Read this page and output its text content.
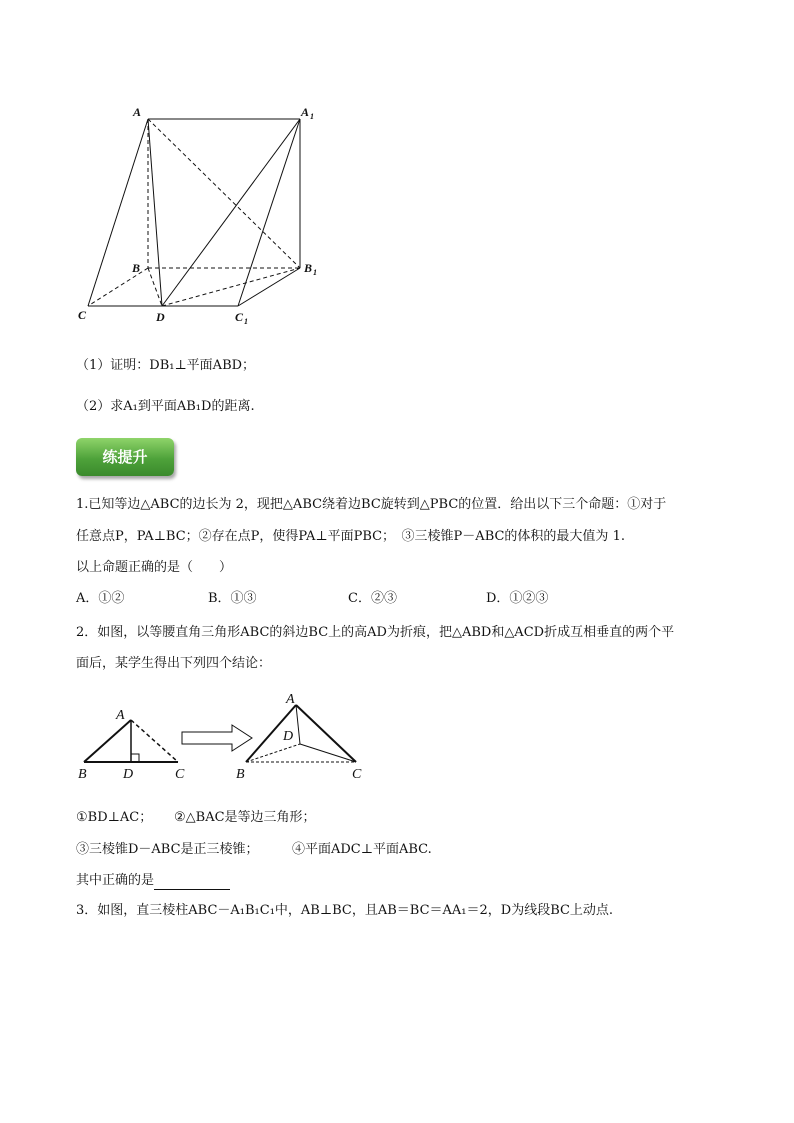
A	A 1
B	B 1
C	D	C 1
（1）证明：DB₁⊥平面ABD；
（2）求A₁到平面AB₁D的距离.
练提升
1.已知等边△ABC的边长为 2，现把△ABC绕着边BC旋转到△PBC的位置．给出以下三个命题：①对于
任意点P，PA⊥BC；②存在点P，使得PA⊥平面PBC；　③三棱锥P－ABC的体积的最大值为 1.
以上命题正确的是（　　）
A．①②	B．①③	C．②③	D．①②③
2．如图，以等腰直角三角形ABC的斜边BC上的高AD为折痕，把△ABD和△ACD折成互相垂直的两个平
面后，某学生得出下列四个结论：
A
B	D	C
A
D
B	C
①BD⊥AC； ②△BAC是等边三角形；
③三棱锥D－ABC是正三棱锥；	④平面ADC⊥平面ABC.
其中正确的是
3．如图，直三棱柱ABC－A₁B₁C₁中，AB⊥BC，且AB＝BC＝AA₁＝2，D为线段BC上动点.
